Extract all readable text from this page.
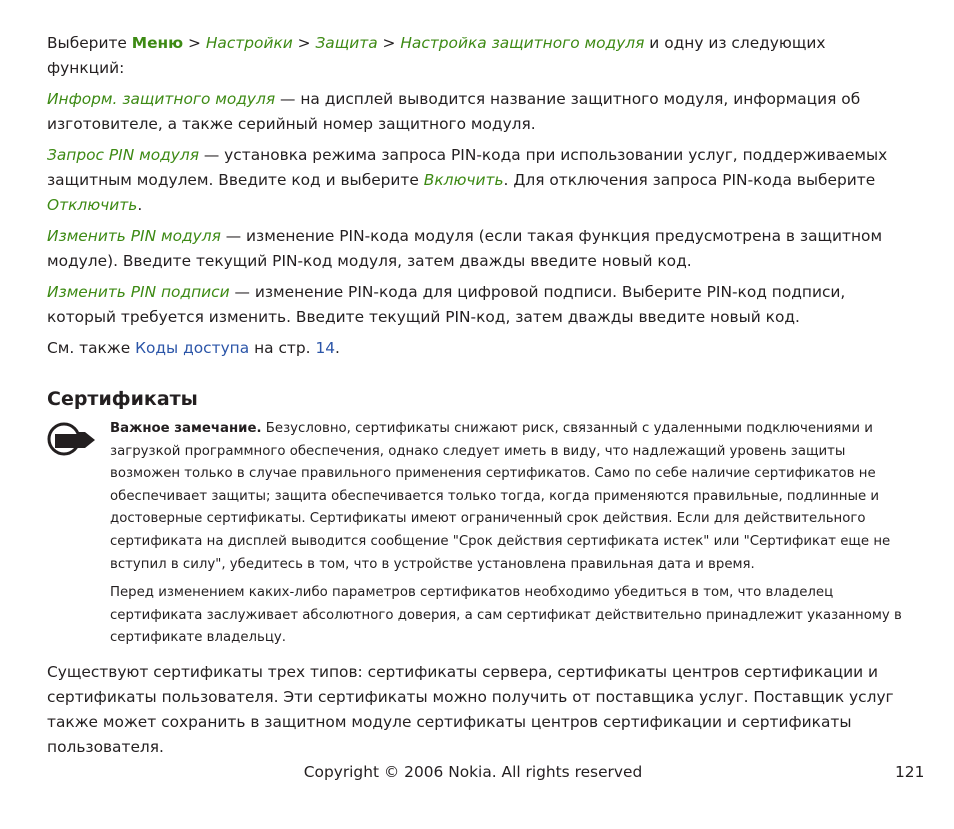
Выберите Меню > Настройки > Защита > Настройка защитного модуля и одну из следующих функций:

Информ. защитного модуля — на дисплей выводится название защитного модуля, информация об изготовителе, а также серийный номер защитного модуля.

Запрос PIN модуля — установка режима запроса PIN-кода при использовании услуг, поддерживаемых защитным модулем. Введите код и выберите Включить. Для отключения запроса PIN-кода выберите Отключить.

Изменить PIN модуля — изменение PIN-кода модуля (если такая функция предусмотрена в защитном модуле). Введите текущий PIN-код модуля, затем дважды введите новый код.

Изменить PIN подписи — изменение PIN-кода для цифровой подписи. Выберите PIN-код подписи, который требуется изменить. Введите текущий PIN-код, затем дважды введите новый код.

См. также Коды доступа на стр. 14.

Сертификаты

Важное замечание. Безусловно, сертификаты снижают риск, связанный с удаленными подключениями и загрузкой программного обеспечения, однако следует иметь в виду, что надлежащий уровень защиты возможен только в случае правильного применения сертификатов. Само по себе наличие сертификатов не обеспечивает защиты; защита обеспечивается только тогда, когда применяются правильные, подлинные и достоверные сертификаты. Сертификаты имеют ограниченный срок действия. Если для действительного сертификата на дисплей выводится сообщение "Срок действия сертификата истек" или "Сертификат еще не вступил в силу", убедитесь в том, что в устройстве установлена правильная дата и время.

Перед изменением каких-либо параметров сертификатов необходимо убедиться в том, что владелец сертификата заслуживает абсолютного доверия, а сам сертификат действительно принадлежит указанному в сертификате владельцу.

Существуют сертификаты трех типов: сертификаты сервера, сертификаты центров сертификации и сертификаты пользователя. Эти сертификаты можно получить от поставщика услуг. Поставщик услуг также может сохранить в защитном модуле сертификаты центров сертификации и сертификаты пользователя.

Copyright © 2006 Nokia. All rights reserved	121
